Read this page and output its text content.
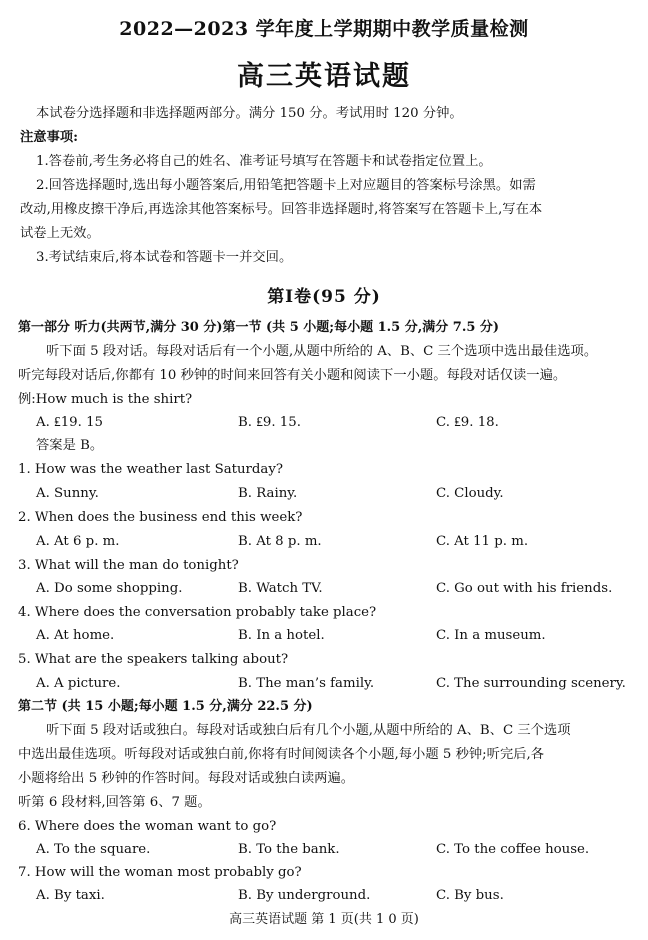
2022—2023 学年度上学期期中教学质量检测
高三英语试题
本试卷分选择题和非选择题两部分。满分 150 分。考试用时 120 分钟。
注意事项:
1.答卷前,考生务必将自己的姓名、准考证号填写在答题卡和试卷指定位置上。
2.回答选择题时,选出每小题答案后,用铅笔把答题卡上对应题目的答案标号涂黑。如需
改动,用橡皮擦干净后,再选涂其他答案标号。回答非选择题时,将答案写在答题卡上,写在本
试卷上无效。
3.考试结束后,将本试卷和答题卡一并交回。
第Ⅰ卷(95 分)
第一部分 听力(共两节,满分 30 分)第一节 (共 5 小题;每小题 1.5 分,满分 7.5 分)
听下面 5 段对话。每段对话后有一个小题,从题中所给的 A、B、C 三个选项中选出最佳选项。
听完每段对话后,你都有 10 秒钟的时间来回答有关小题和阅读下一小题。每段对话仅读一遍。
例:How much is the shirt?
A. ₤19. 15	B. ₤9. 15.	C. ₤9. 18.
答案是 B。
1. How was the weather last Saturday?
A. Sunny.	B. Rainy.	C. Cloudy.
2. When does the business end this week?
A. At 6 p. m.	B. At 8 p. m.	C. At 11 p. m.
3. What will the man do tonight?
A. Do some shopping.	B. Watch TV.	C. Go out with his friends.
4. Where does the conversation probably take place?
A. At home.	B. In a hotel.	C. In a museum.
5. What are the speakers talking about?
A. A picture.	B. The man’s family.	C. The surrounding scenery.
第二节 (共 15 小题;每小题 1.5 分,满分 22.5 分)
听下面 5 段对话或独白。每段对话或独白后有几个小题,从题中所给的 A、B、C 三个选项
中选出最佳选项。听每段对话或独白前,你将有时间阅读各个小题,每小题 5 秒钟;听完后,各
小题将给出 5 秒钟的作答时间。每段对话或独白读两遍。
听第 6 段材料,回答第 6、7 题。
6. Where does the woman want to go?
A. To the square.	B. To the bank.	C. To the coffee house.
7. How will the woman most probably go?
A. By taxi.	B. By underground.	C. By bus.
高三英语试题 第 1 页(共 1 0 页)
